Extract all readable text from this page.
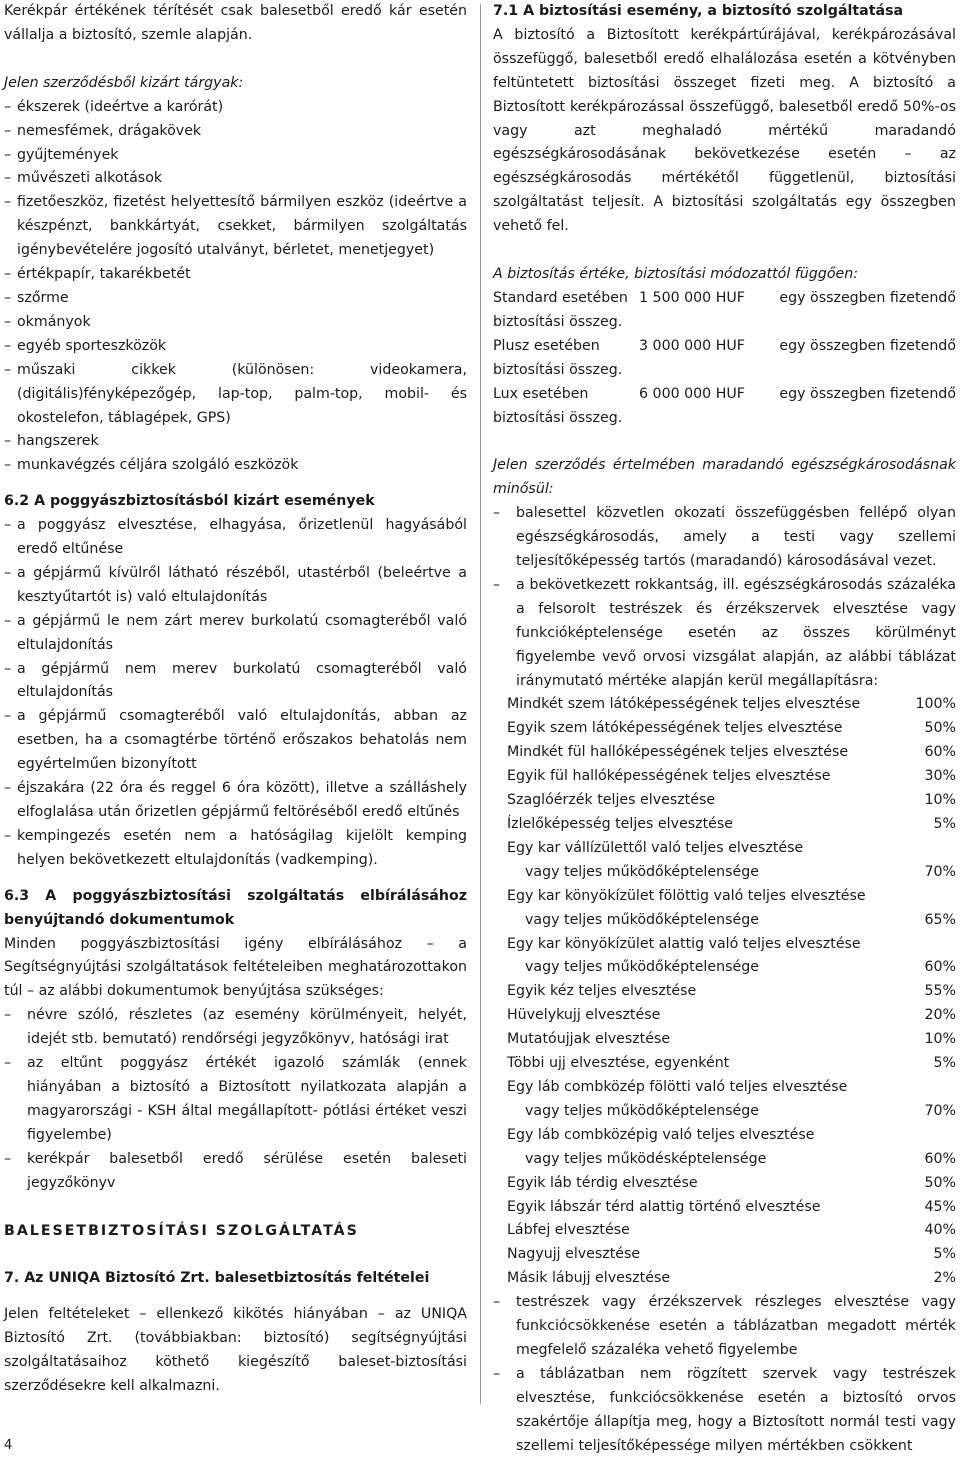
Kerékpár értékének térítését csak balesetből eredő kár esetén vállalja a biztosító, szemle alapján.

Jelen szerződésből kizárt tárgyak:

– ékszerek (ideértve a karórát)
– nemesfémek, drágakövek
– gyűjtemények
– művészeti alkotások
– fizetőeszköz, fizetést helyettesítő bármilyen eszköz (ideértve a készpénzt, bankkártyát, csekket, bármilyen szolgáltatás igénybevételére jogosító utalványt, bérletet, menetjegyet)
– értékpapír, takarékbetét
– szőrme
– okmányok
– egyéb sporteszközök
– műszaki cikkek (különösen: videokamera, (digitális)fényképezőgép, lap-top, palm-top, mobil- és okostelefon, táblagépek, GPS)
– hangszerek
– munkavégzés céljára szolgáló eszközök

6.2 A poggyászbiztosításból kizárt események

– a poggyász elvesztése, elhagyása, őrizetlenül hagyásából eredő eltűnése
– a gépjármű kívülről látható részéből, utastérből (beleértve a kesztyűtartót is) való eltulajdonítás
– a gépjármű le nem zárt merev burkolatú csomagteréből való eltulajdonítás
– a gépjármű nem merev burkolatú csomagteréből való eltulajdonítás
– a gépjármű csomagteréből való eltulajdonítás, abban az esetben, ha a csomagtérbe történő erőszakos behatolás nem egyértelműen bizonyított
– éjszakára (22 óra és reggel 6 óra között), illetve a szálláshely elfoglalása után őrizetlen gépjármű feltöréséből eredő eltűnés
– kempingezés esetén nem a hatóságilag kijelölt kemping helyen bekövetkezett eltulajdonítás (vadkemping).

6.3 A poggyászbiztosítási szolgáltatás elbírálásához benyújtandó dokumentumok

Minden poggyászbiztosítási igény elbírálásához – a Segítségnyújtási szolgáltatások feltételeiben meghatározottakon túl – az alábbi dokumentumok benyújtása szükséges:

– névre szóló, részletes (az esemény körülményeit, helyét, idejét stb. bemutató) rendőrségi jegyzőkönyv, hatósági irat
– az eltűnt poggyász értékét igazoló számlák (ennek hiányában a biztosító a Biztosított nyilatkozata alapján a magyarországi - KSH által megállapított- pótlási értéket veszi figyelembe)
– kerékpár balesetből eredő sérülése esetén baleseti jegyzőkönyv

BALESETBIZTOSÍTÁSI SZOLGÁLTATÁS

7. Az UNIQA Biztosító Zrt. balesetbiztosítás feltételei

Jelen feltételeket – ellenkező kikötés hiányában – az UNIQA Biztosító Zrt. (továbbiakban: biztosító) segítségnyújtási szolgáltatásaihoz köthető kiegészítő baleset-biztosítási szerződésekre kell alkalmazni.

7.1 A biztosítási esemény, a biztosító szolgáltatása

A biztosító a Biztosított kerékpártúrájával, kerékpározásával összefüggő, balesetből eredő elhalálozása esetén a kötvényben feltüntetett biztosítási összeget fizeti meg. A biztosító a Biztosított kerékpározással összefüggő, balesetből eredő 50%-os vagy azt meghaladó mértékű maradandó egészségkárosodásának bekövetkezése esetén – az egészségkárosodás mértékétől függetlenül, biztosítási szolgáltatást teljesít. A biztosítási szolgáltatás egy összegben vehető fel.

A biztosítás értéke, biztosítási módozattól függően:

Standard esetében 1 500 000 HUF	egy összegben fizetendő
biztosítási összeg.
Plusz esetében	3 000 000 HUF	egy összegben fizetendő
biztosítási összeg.
Lux esetében	6 000 000 HUF	egy összegben fizetendő
biztosítási összeg.

Jelen szerződés értelmében maradandó egészségkárosodásnak minősül:

– balesettel közvetlen okozati összefüggésben fellépő olyan egészségkárosodás, amely a testi vagy szellemi teljesítőképesség tartós (maradandó) károsodásával vezet.
– a bekövetkezett rokkantság, ill. egészségkárosodás százaléka a felsorolt testrészek és érzékszervek elvesztése vagy funkcióképtelensége esetén az összes körülményt figyelembe vevő orvosi vizsgálat alapján, az alábbi táblázat iránymutató mértéke alapján kerül megállapításra:
Mindkét szem látóképességének teljes elvesztése	100%
Egyik szem látóképességének teljes elvesztése	50%
Mindkét fül hallóképességének teljes elvesztése	60%
Egyik fül hallóképességének teljes elvesztése	30%
Szaglóérzék teljes elvesztése	10%
Ízlelőképesség teljes elvesztése	5%
Egy kar vállízülettől való teljes elvesztése
vagy teljes működőképtelensége	70%
Egy kar könyökízület fölöttig való teljes elvesztése
vagy teljes működőképtelensége	65%
Egy kar könyökízület alattig való teljes elvesztése
vagy teljes működőképtelensége	60%
Egyik kéz teljes elvesztése	55%
Hüvelykujj elvesztése	20%
Mutatóujjak elvesztése	10%
Többi ujj elvesztése, egyenként	5%
Egy láb combközép fölötti való teljes elvesztése
vagy teljes működőképtelensége	70%
Egy láb combközépig való teljes elvesztése
vagy teljes működésképtelensége	60%
Egyik láb térdig elvesztése	50%
Egyik lábszár térd alattig történő elvesztése	45%
Lábfej elvesztése	40%
Nagyujj elvesztése	5%
Másik lábujj elvesztése	2%
– testrészek vagy érzékszervek részleges elvesztése vagy funkciócsökkenése esetén a táblázatban megadott mérték megfelelő százaléka vehető figyelembe
– a táblázatban nem rögzített szervek vagy testrészek elvesztése, funkciócsökkenése esetén a biztosító orvos szakértője állapítja meg, hogy a Biztosított normál testi vagy szellemi teljesítőképessége milyen mértékben csökkent
4
